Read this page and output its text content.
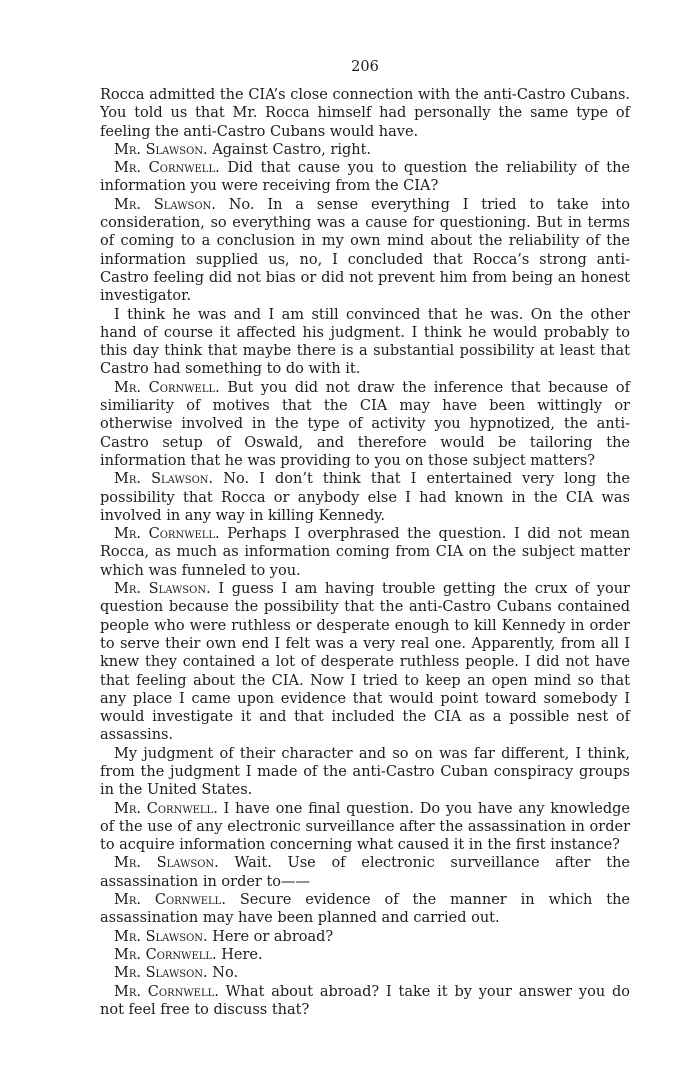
206

Rocca admitted the CIA’s close connection with the anti-Castro Cubans. You told us that Mr. Rocca himself had personally the same type of feeling the anti-Castro Cubans would have.

Mr. Slawson. Against Castro, right.

Mr. Cornwell. Did that cause you to question the reliability of the information you were receiving from the CIA?

Mr. Slawson. No. In a sense everything I tried to take into consideration, so everything was a cause for questioning. But in terms of coming to a conclusion in my own mind about the reliability of the information supplied us, no, I concluded that Rocca’s strong anti-Castro feeling did not bias or did not prevent him from being an honest investigator.

I think he was and I am still convinced that he was. On the other hand of course it affected his judgment. I think he would probably to this day think that maybe there is a substantial possibility at least that Castro had something to do with it.

Mr. Cornwell. But you did not draw the inference that because of similiarity of motives that the CIA may have been wittingly or otherwise involved in the type of activity you hypnotized, the anti-Castro setup of Oswald, and therefore would be tailoring the information that he was providing to you on those subject matters?

Mr. Slawson. No. I don’t think that I entertained very long the possibility that Rocca or anybody else I had known in the CIA was involved in any way in killing Kennedy.

Mr. Cornwell. Perhaps I overphrased the question. I did not mean Rocca, as much as information coming from CIA on the subject matter which was funneled to you.

Mr. Slawson. I guess I am having trouble getting the crux of your question because the possibility that the anti-Castro Cubans contained people who were ruthless or desperate enough to kill Kennedy in order to serve their own end I felt was a very real one. Apparently, from all I knew they contained a lot of desperate ruthless people. I did not have that feeling about the CIA. Now I tried to keep an open mind so that any place I came upon evidence that would point toward somebody I would investigate it and that included the CIA as a possible nest of assassins.

My judgment of their character and so on was far different, I think, from the judgment I made of the anti-Castro Cuban conspiracy groups in the United States.

Mr. Cornwell. I have one final question. Do you have any knowledge of the use of any electronic surveillance after the assassination in order to acquire information concerning what caused it in the first instance?

Mr. Slawson. Wait. Use of electronic surveillance after the assassination in order to——

Mr. Cornwell. Secure evidence of the manner in which the assassination may have been planned and carried out.

Mr. Slawson. Here or abroad?

Mr. Cornwell. Here.

Mr. Slawson. No.

Mr. Cornwell. What about abroad? I take it by your answer you do not feel free to discuss that?
